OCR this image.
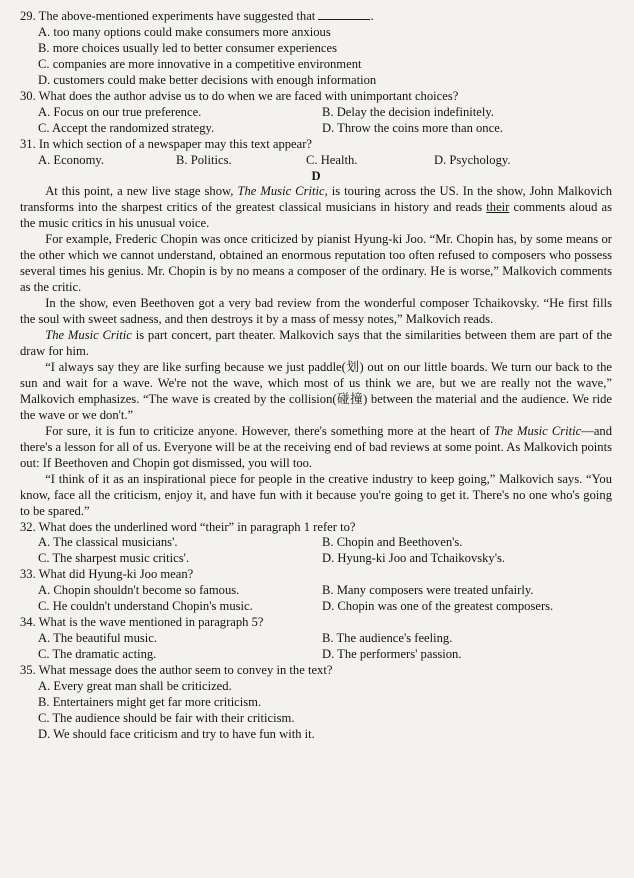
29. The above-mentioned experiments have suggested that	.

A. too many options could make consumers more anxious

B. more choices usually led to better consumer experiences

C. companies are more innovative in a competitive environment

D. customers could make better decisions with enough information

30. What does the author advise us to do when we are faced with unimportant choices?

A. Focus on our true preference.	B. Delay the decision indefinitely.
C. Accept the randomized strategy.	D. Throw the coins more than once.

31. In which section of a newspaper may this text appear?

A. Economy.	B. Politics.	C. Health.	D. Psychology.

D

At this point, a new live stage show, The Music Critic, is touring across the US. In the show, John Malkovich transforms into the sharpest critics of the greatest classical musicians in history and reads their comments aloud as the music critics in his unusual voice.

For example, Frederic Chopin was once criticized by pianist Hyung-ki Joo. “Mr. Chopin has, by some means or the other which we cannot understand, obtained an enormous reputation too often refused to composers who possess several times his genius. Mr. Chopin is by no means a composer of the ordinary. He is worse,” Malkovich comments as the critic.

In the show, even Beethoven got a very bad review from the wonderful composer Tchaikovsky. “He first fills the soul with sweet sadness, and then destroys it by a mass of messy notes,” Malkovich reads.

The Music Critic is part concert, part theater. Malkovich says that the similarities between them are part of the draw for him.

“I always say they are like surfing because we just paddle(划) out on our little boards. We turn our back to the sun and wait for a wave. We're not the wave, which most of us think we are, but we are really not the wave,” Malkovich emphasizes. “The wave is created by the collision(碰撞) between the material and the audience. We ride the wave or we don't.”

For sure, it is fun to criticize anyone. However, there's something more at the heart of The Music Critic—and there's a lesson for all of us. Everyone will be at the receiving end of bad reviews at some point. As Malkovich points out: If Beethoven and Chopin got dismissed, you will too.

“I think of it as an inspirational piece for people in the creative industry to keep going,” Malkovich says. “You know, face all the criticism, enjoy it, and have fun with it because you're going to get it. There's no one who's going to be spared.”

32. What does the underlined word “their” in paragraph 1 refer to?

A. The classical musicians'.	B. Chopin and Beethoven's.
C. The sharpest music critics'.	D. Hyung-ki Joo and Tchaikovsky's.

33. What did Hyung-ki Joo mean?

A. Chopin shouldn't become so famous.	B. Many composers were treated unfairly.
C. He couldn't understand Chopin's music.	D. Chopin was one of the greatest composers.

34. What is the wave mentioned in paragraph 5?

A. The beautiful music.	B. The audience's feeling.
C. The dramatic acting.	D. The performers' passion.

35. What message does the author seem to convey in the text?

A. Every great man shall be criticized.

B. Entertainers might get far more criticism.

C. The audience should be fair with their criticism.

D. We should face criticism and try to have fun with it.
